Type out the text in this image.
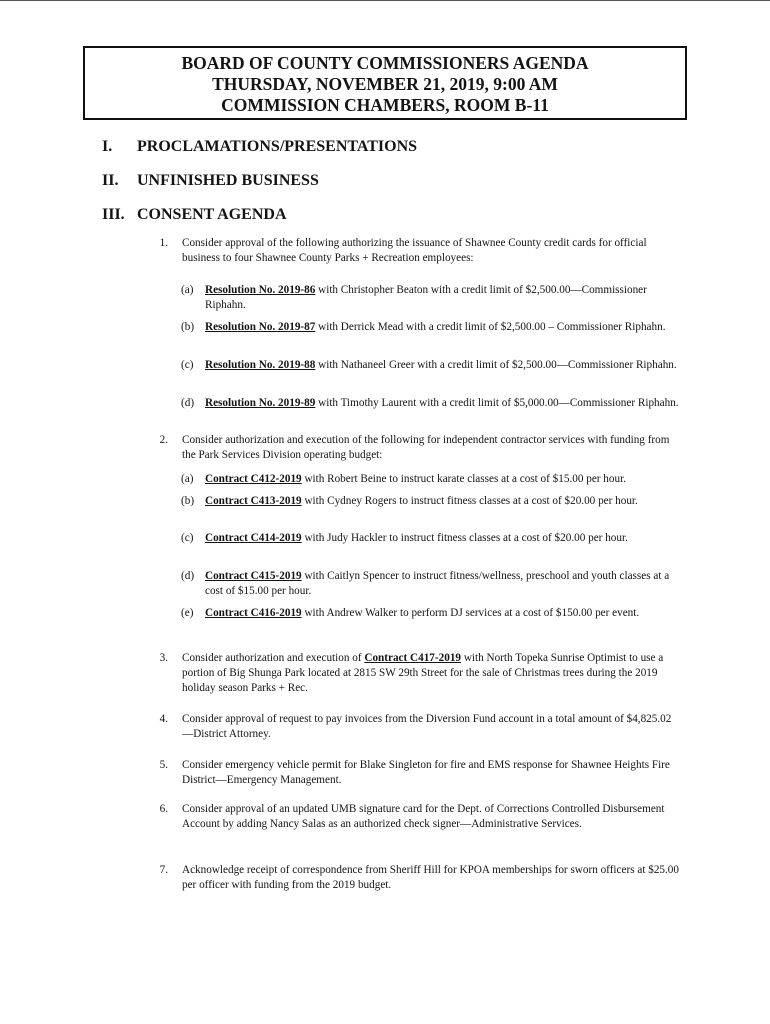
BOARD OF COUNTY COMMISSIONERS AGENDA
THURSDAY, NOVEMBER 21, 2019, 9:00 AM
COMMISSION CHAMBERS, ROOM B-11
I. PROCLAMATIONS/PRESENTATIONS
II. UNFINISHED BUSINESS
III. CONSENT AGENDA
1. Consider approval of the following authorizing the issuance of Shawnee County credit cards for official business to four Shawnee County Parks + Recreation employees:
(a) Resolution No. 2019-86 with Christopher Beaton with a credit limit of $2,500.00—Commissioner Riphahn.
(b) Resolution No. 2019-87 with Derrick Mead with a credit limit of $2,500.00 – Commissioner Riphahn.
(c) Resolution No. 2019-88 with Nathaneel Greer with a credit limit of $2,500.00—Commissioner Riphahn.
(d) Resolution No. 2019-89 with Timothy Laurent with a credit limit of $5,000.00—Commissioner Riphahn.
2. Consider authorization and execution of the following for independent contractor services with funding from the Park Services Division operating budget:
(a) Contract C412-2019 with Robert Beine to instruct karate classes at a cost of $15.00 per hour.
(b) Contract C413-2019 with Cydney Rogers to instruct fitness classes at a cost of $20.00 per hour.
(c) Contract C414-2019 with Judy Hackler to instruct fitness classes at a cost of $20.00 per hour.
(d) Contract C415-2019 with Caitlyn Spencer to instruct fitness/wellness, preschool and youth classes at a cost of $15.00 per hour.
(e) Contract C416-2019 with Andrew Walker to perform DJ services at a cost of $150.00 per event.
3. Consider authorization and execution of Contract C417-2019 with North Topeka Sunrise Optimist to use a portion of Big Shunga Park located at 2815 SW 29th Street for the sale of Christmas trees during the 2019 holiday season Parks + Rec.
4. Consider approval of request to pay invoices from the Diversion Fund account in a total amount of $4,825.02—District Attorney.
5. Consider emergency vehicle permit for Blake Singleton for fire and EMS response for Shawnee Heights Fire District—Emergency Management.
6. Consider approval of an updated UMB signature card for the Dept. of Corrections Controlled Disbursement Account by adding Nancy Salas as an authorized check signer—Administrative Services.
7. Acknowledge receipt of correspondence from Sheriff Hill for KPOA memberships for sworn officers at $25.00 per officer with funding from the 2019 budget.
